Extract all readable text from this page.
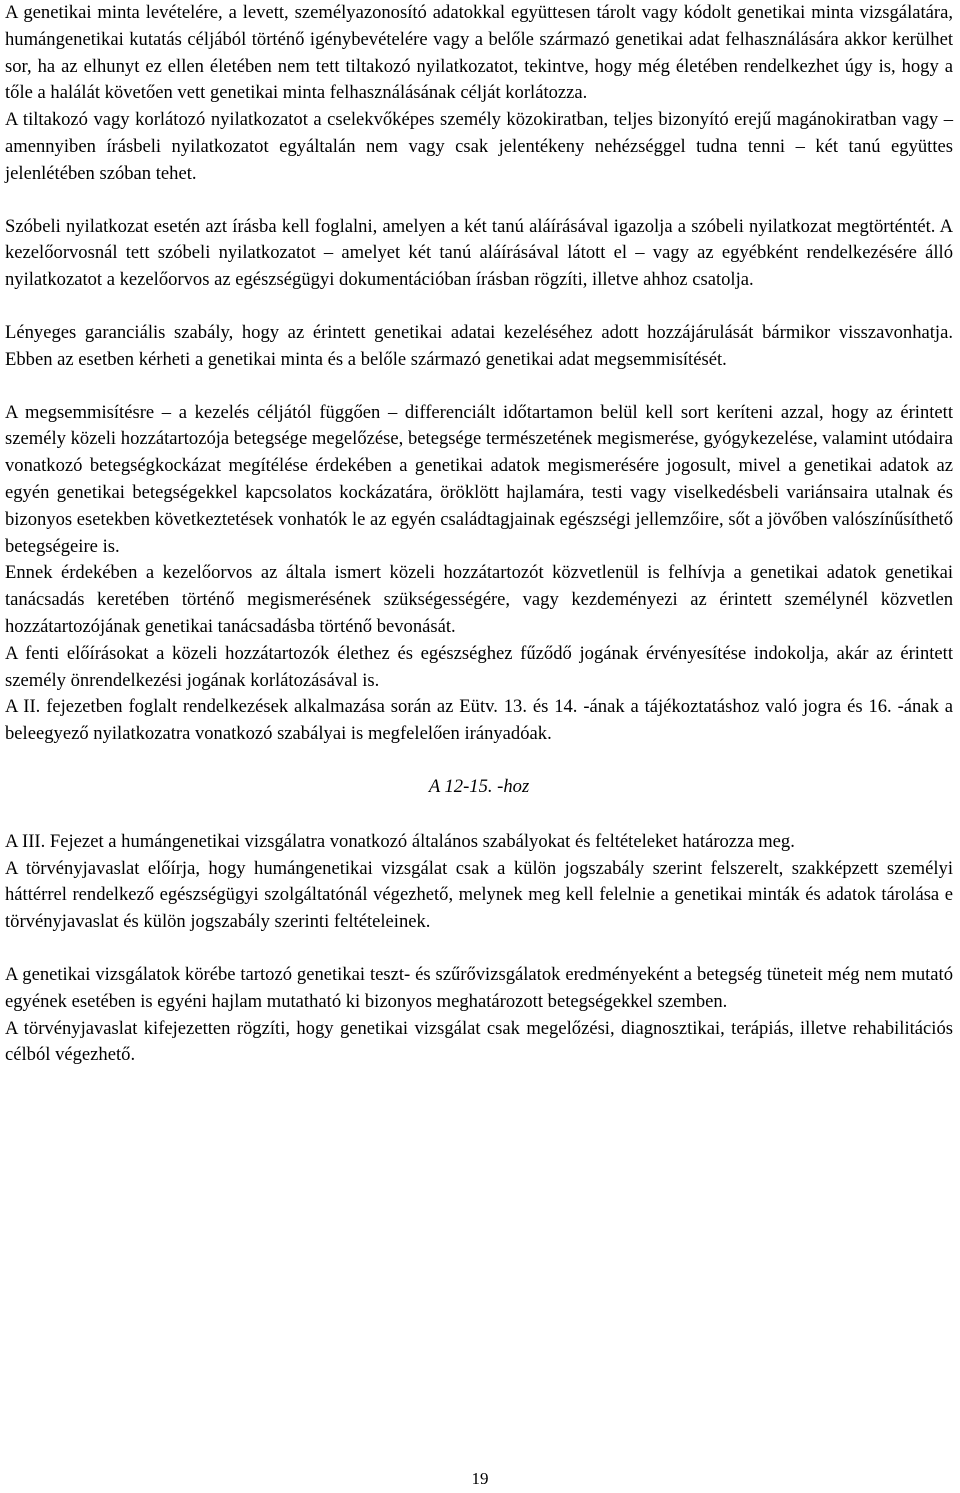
A genetikai minta levételére, a levett, személyazonosító adatokkal együttesen tárolt vagy kódolt genetikai minta vizsgálatára, humángenetikai kutatás céljából történő igénybevételére vagy a belőle származó genetikai adat felhasználására akkor kerülhet sor, ha az elhunyt ez ellen életében nem tett tiltakozó nyilatkozatot, tekintve, hogy még életében rendelkezhet úgy is, hogy a tőle a halálát követően vett genetikai minta felhasználásának célját korlátozza.

A tiltakozó vagy korlátozó nyilatkozatot a cselekvőképes személy közokiratban, teljes bizonyító erejű magánokiratban vagy – amennyiben írásbeli nyilatkozatot egyáltalán nem vagy csak jelentékeny nehézséggel tudna tenni – két tanú együttes jelenlétében szóban tehet.

Szóbeli nyilatkozat esetén azt írásba kell foglalni, amelyen a két tanú aláírásával igazolja a szóbeli nyilatkozat megtörténtét. A kezelőorvosnál tett szóbeli nyilatkozatot – amelyet két tanú aláírásával látott el – vagy az egyébként rendelkezésére álló nyilatkozatot a kezelőorvos az egészségügyi dokumentációban írásban rögzíti, illetve ahhoz csatolja.

Lényeges garanciális szabály, hogy az érintett genetikai adatai kezeléséhez adott hozzájárulását bármikor visszavonhatja. Ebben az esetben kérheti a genetikai minta és a belőle származó genetikai adat megsemmisítését.

A megsemmisítésre – a kezelés céljától függően – differenciált időtartamon belül kell sort keríteni azzal, hogy az érintett személy közeli hozzátartozója betegsége megelőzése, betegsége természetének megismerése, gyógykezelése, valamint utódaira vonatkozó betegségkockázat megítélése érdekében a genetikai adatok megismerésére jogosult, mivel a genetikai adatok az egyén genetikai betegségekkel kapcsolatos kockázatára, öröklött hajlamára, testi vagy viselkedésbeli variánsaira utalnak és bizonyos esetekben következtetések vonhatók le az egyén családtagjainak egészségi jellemzőire, sőt a jövőben valószínűsíthető betegségeire is.

Ennek érdekében a kezelőorvos az általa ismert közeli hozzátartozót közvetlenül is felhívja a genetikai adatok genetikai tanácsadás keretében történő megismerésének szükségességére, vagy kezdeményezi az érintett személynél közvetlen hozzátartozójának genetikai tanácsadásba történő bevonását.

A fenti előírásokat a közeli hozzátartozók élethez és egészséghez fűződő jogának érvényesítése indokolja, akár az érintett személy önrendelkezési jogának korlátozásával is.

A II. fejezetben foglalt rendelkezések alkalmazása során az Eütv. 13. és 14. -ának a tájékoztatáshoz való jogra és 16. -ának a beleegyező nyilatkozatra vonatkozó szabályai is megfelelően irányadóak.

A 12-15. -hoz

A III. Fejezet a humángenetikai vizsgálatra vonatkozó általános szabályokat és feltételeket határozza meg.

A törvényjavaslat előírja, hogy humángenetikai vizsgálat csak a külön jogszabály szerint felszerelt, szakképzett személyi háttérrel rendelkező egészségügyi szolgáltatónál végezhető, melynek meg kell felelnie a genetikai minták és adatok tárolása e törvényjavaslat és külön jogszabály szerinti feltételeinek.

A genetikai vizsgálatok körébe tartozó genetikai teszt- és szűrővizsgálatok eredményeként a betegség tüneteit még nem mutató egyének esetében is egyéni hajlam mutatható ki bizonyos meghatározott betegségekkel szemben.

A törvényjavaslat kifejezetten rögzíti, hogy genetikai vizsgálat csak megelőzési, diagnosztikai, terápiás, illetve rehabilitációs célból végezhető.

19
